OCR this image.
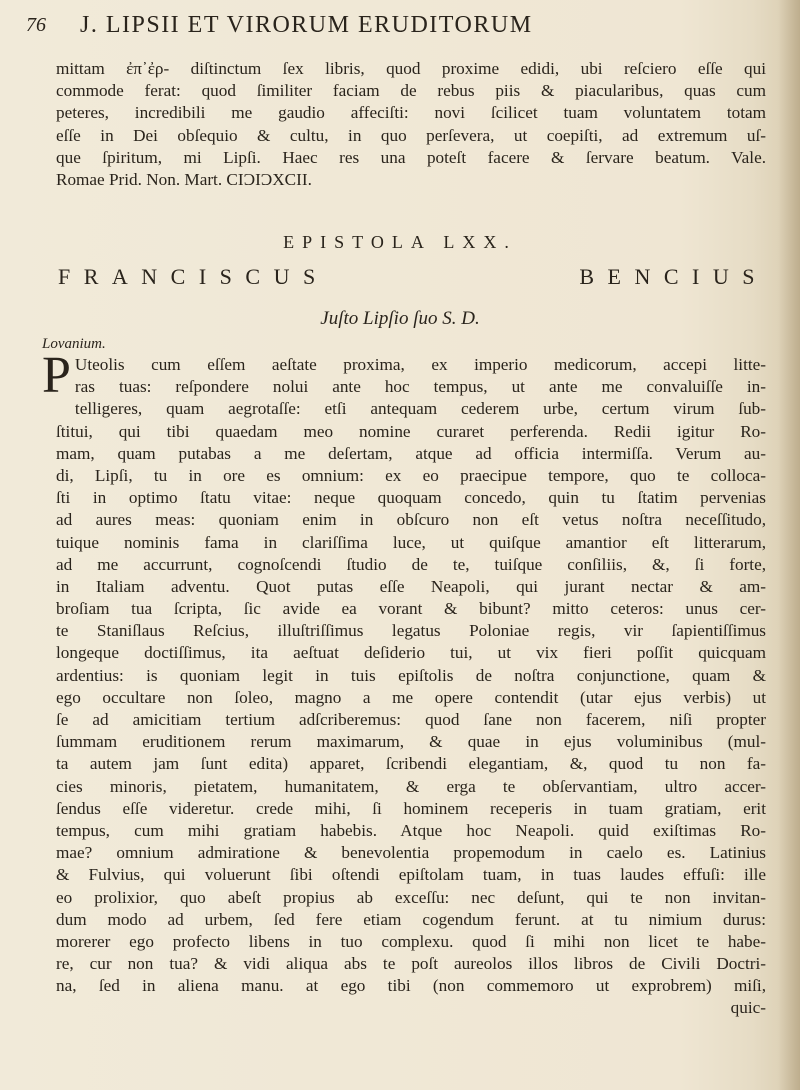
76 J. LIPSII ET VIRORUM ERUDITORUM
mittam ἐπ᾽ἐρ- diſtinctum ſex libris, quod proxime edidi, ubi reſciero eſſe qui
commode ferat: quod ſimiliter faciam de rebus piis & piacularibus, quas cum
peteres, incredibili me gaudio affeciſti: novi ſcilicet tuam voluntatem totam
eſſe in Dei obſequio & cultu, in quo perſevera, ut coepiſti, ad extremum uſ-
que ſpiritum, mi Lipſi. Haec res una poteſt facere & ſervare beatum. Vale.
Romae Prid. Non. Mart. CIƆIƆXCII.
EPISTOLA LXX.
FRANCISCUS BENCIUS
Juſto Lipſio ſuo S. D.
Lovanium.
P Uteolis cum eſſem aeſtate proxima, ex imperio medicorum, accepi litte-
ras tuas: reſpondere nolui ante hoc tempus, ut ante me convaluiſſe in-
telligeres, quam aegrotaſſe: etſi antequam cederem urbe, certum virum ſub-
ſtitui, qui tibi quaedam meo nomine curaret perferenda. Redii igitur Ro-
mam, quam putabas a me deſertam, atque ad officia intermiſſa. Verum au-
di, Lipſi, tu in ore es omnium: ex eo praecipue tempore, quo te colloca-
ſti in optimo ſtatu vitae: neque quoquam concedo, quin tu ſtatim pervenias
ad aures meas: quoniam enim in obſcuro non eſt vetus noſtra neceſſitudo,
tuique nominis fama in clariſſima luce, ut quiſque amantior eſt litterarum,
ad me accurrunt, cognoſcendi ſtudio de te, tuiſque conſiliis, &, ſi forte,
in Italiam adventu. Quot putas eſſe Neapoli, qui jurant nectar & am-
broſiam tua ſcripta, ſic avide ea vorant & bibunt? mitto ceteros: unus cer-
te Staniſlaus Reſcius, illuſtriſſimus legatus Poloniae regis, vir ſapientiſſimus
longeque doctiſſimus, ita aeſtuat deſiderio tui, ut vix fieri poſſit quicquam
ardentius: is quoniam legit in tuis epiſtolis de noſtra conjunctione, quam &
ego occultare non ſoleo, magno a me opere contendit (utar ejus verbis) ut
ſe ad amicitiam tertium adſcriberemus: quod ſane non facerem, niſi propter
ſummam eruditionem rerum maximarum, & quae in ejus voluminibus (mul-
ta autem jam ſunt edita) apparet, ſcribendi elegantiam, &, quod tu non fa-
cies minoris, pietatem, humanitatem, & erga te obſervantiam, ultro accer-
ſendus eſſe videretur. crede mihi, ſi hominem receperis in tuam gratiam, erit
tempus, cum mihi gratiam habebis. Atque hoc Neapoli. quid exiſtimas Ro-
mae? omnium admiratione & benevolentia propemodum in caelo es. Latinius
& Fulvius, qui voluerunt ſibi oſtendi epiſtolam tuam, in tuas laudes effuſi: ille
eo prolixior, quo abeſt propius ab exceſſu: nec deſunt, qui te non invitan-
dum modo ad urbem, ſed fere etiam cogendum ferunt. at tu nimium durus:
morerer ego profecto libens in tuo complexu. quod ſi mihi non licet te habe-
re, cur non tua? & vidi aliqua abs te poſt aureolos illos libros de Civili Doctri-
na, ſed in aliena manu. at ego tibi (non commemoro ut exprobrem) miſi,
quic-
